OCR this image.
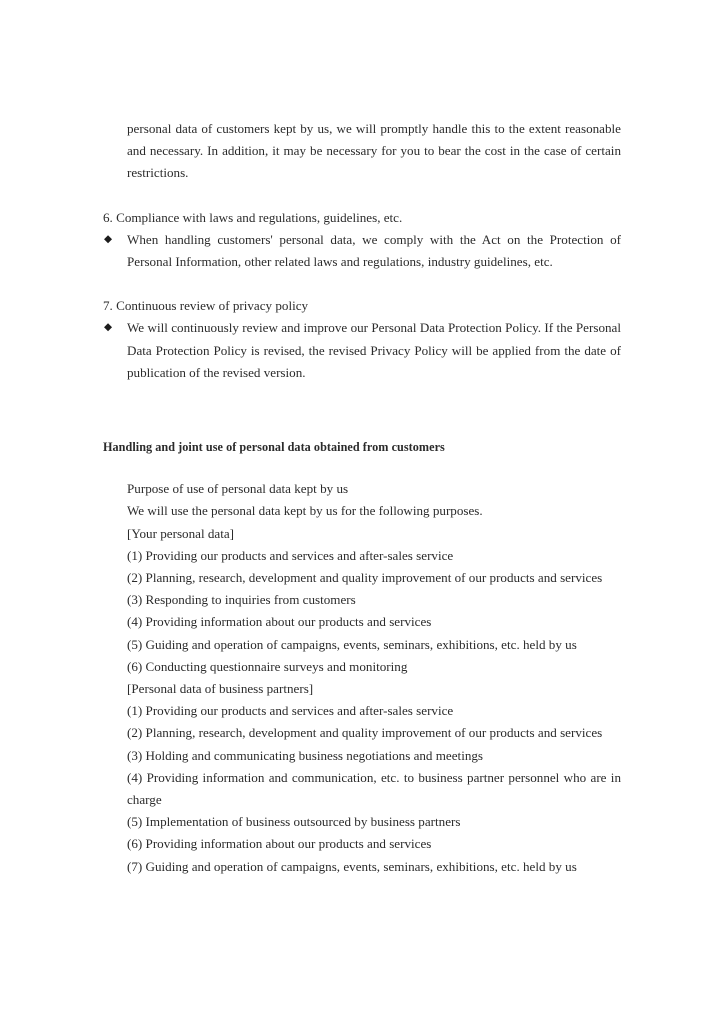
personal data of customers kept by us, we will promptly handle this to the extent reasonable and necessary. In addition, it may be necessary for you to bear the cost in the case of certain restrictions.

6. Compliance with laws and regulations, guidelines, etc.

◆ When handling customers' personal data, we comply with the Act on the Protection of Personal Information, other related laws and regulations, industry guidelines, etc.

7. Continuous review of privacy policy

◆ We will continuously review and improve our Personal Data Protection Policy. If the Personal Data Protection Policy is revised, the revised Privacy Policy will be applied from the date of publication of the revised version.

Handling and joint use of personal data obtained from customers

Purpose of use of personal data kept by us

We will use the personal data kept by us for the following purposes.

[Your personal data]

(1) Providing our products and services and after-sales service

(2) Planning, research, development and quality improvement of our products and services

(3) Responding to inquiries from customers

(4) Providing information about our products and services

(5) Guiding and operation of campaigns, events, seminars, exhibitions, etc. held by us

(6) Conducting questionnaire surveys and monitoring

[Personal data of business partners]

(1) Providing our products and services and after-sales service

(2) Planning, research, development and quality improvement of our products and services

(3) Holding and communicating business negotiations and meetings

(4) Providing information and communication, etc. to business partner personnel who are in charge

(5) Implementation of business outsourced by business partners

(6) Providing information about our products and services

(7) Guiding and operation of campaigns, events, seminars, exhibitions, etc. held by us
